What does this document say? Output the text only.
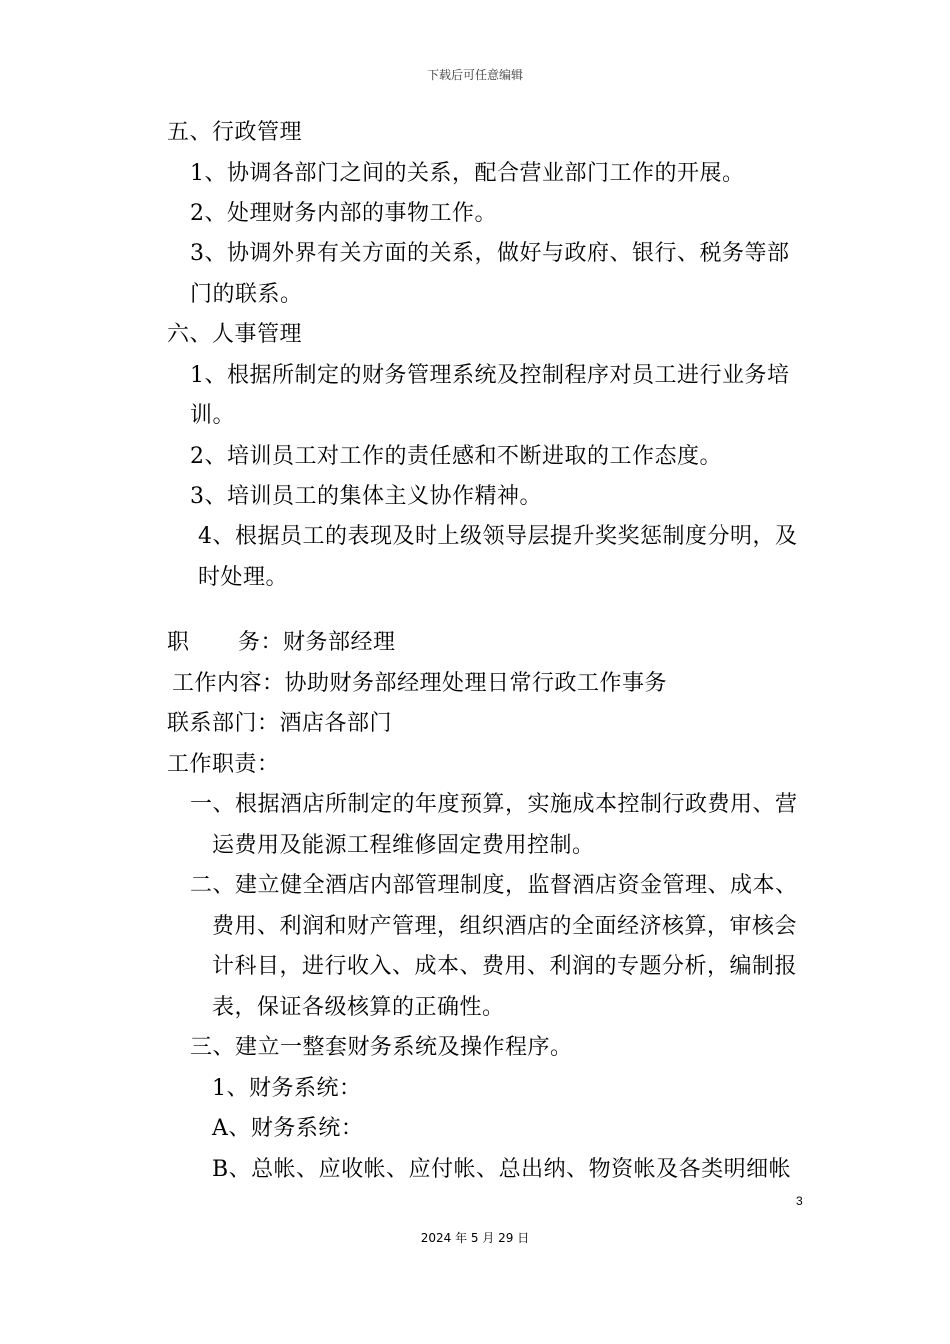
下载后可任意编辑
五、行政管理
1、协调各部门之间的关系，配合营业部门工作的开展。
2、处理财务内部的事物工作。
3、协调外界有关方面的关系，做好与政府、银行、税务等部
门的联系。
六、人事管理
1、根据所制定的财务管理系统及控制程序对员工进行业务培
训。
2、培训员工对工作的责任感和不断进取的工作态度。
3、培训员工的集体主义协作精神。
4、根据员工的表现及时上级领导层提升奖奖惩制度分明，及
时处理。
职 务：财务部经理
工作内容：协助财务部经理处理日常行政工作事务
联系部门：酒店各部门
工作职责：
一、根据酒店所制定的年度预算，实施成本控制行政费用、营
运费用及能源工程维修固定费用控制。
二、建立健全酒店内部管理制度，监督酒店资金管理、成本、
费用、利润和财产管理，组织酒店的全面经济核算，审核会
计科目，进行收入、成本、费用、利润的专题分析，编制报
表，保证各级核算的正确性。
三、建立一整套财务系统及操作程序。
1、财务系统：
A、财务系统：
B、总帐、应收帐、应付帐、总出纳、物资帐及各类明细帐
3
2024 年 5 月 29 日
